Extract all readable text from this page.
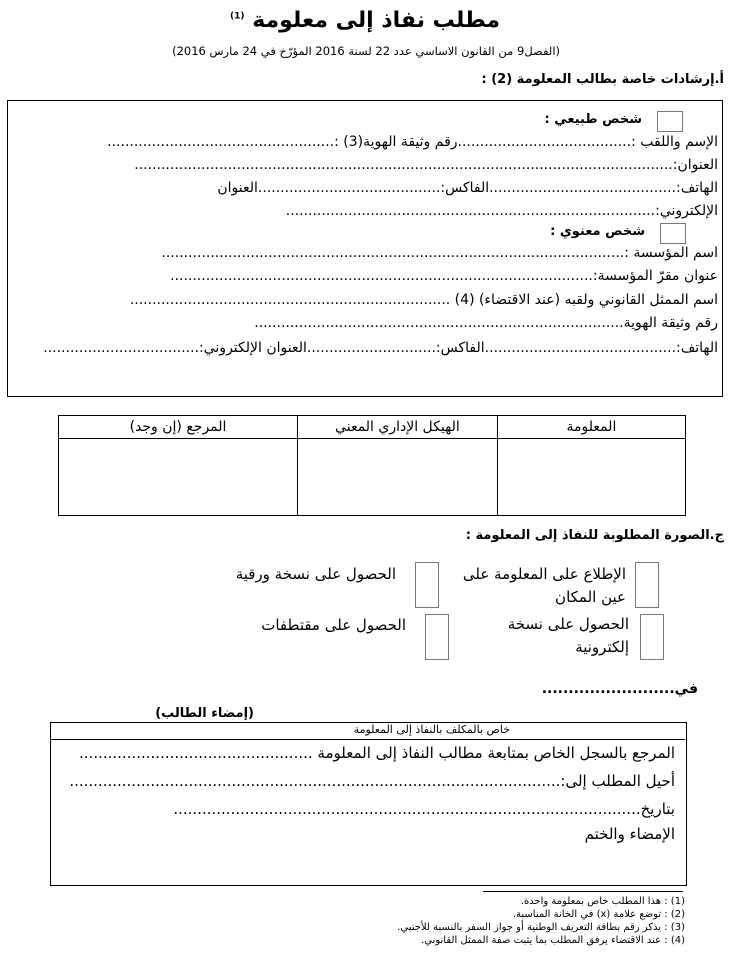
مطلب نفاذ إلى معلومة $^{(1)}$
(الفصل9 من القانون الاساسي عدد 22 لسنة 2016 المؤرّخ في 24 مارس 2016)
أ.إرشادات خاصة بطالب المعلومة (2) :
شخص طبيعي :
الإسم واللقب :.......................................رقم وثيقة الهوية(3) :...................................................
العنوان:.........................................................................................................................
الهاتف:..........................................الفاكس:.........................................العنوان
الإلكتروني:...................................................................................
شخص معنوي :
اسم المؤسسة :........................................................................................................
عنوان مقرّ المؤسسة:...............................................................................................
اسم الممثل القانوني ولقبه (عند الاقتضاء) (4) ........................................................................
رقم وثيقة الهوية...................................................................................
الهاتف:...........................................الفاكس:.............................العنوان الإلكتروني:...................................
المعلومة	الهيكل الإداري المعني	المرجع (إن وجد)

ج.الصورة المطلوبة للنفاذ إلى المعلومة :
الإطلاع على المعلومة على
عين المكان
الحصول على نسخة ورقية
الحصول على نسخة
إلكترونية
الحصول على مقتطفات
في.........................
(إمضاء الطالب)
خاص بالمكلف بالنفاذ إلى المعلومة
المرجع بالسجل الخاص بمتابعة مطالب النفاذ إلى المعلومة .................................................
أحيل المطلب إلى:.......................................................................................................
بتاريخ..................................................................................................
الإمضاء والختم
(1) : هذا المطلب خاص بمعلومة واحدة.
(2) : توضع علامة (x) في الخانة المناسبة.
(3) : يذكر رقم بطاقة التعريف الوطنية أو جواز السفر بالنسبة للأجنبي.
(4) : عند الاقتضاء يرفق المطلب بما يثبت صفة الممثل القانوني.
